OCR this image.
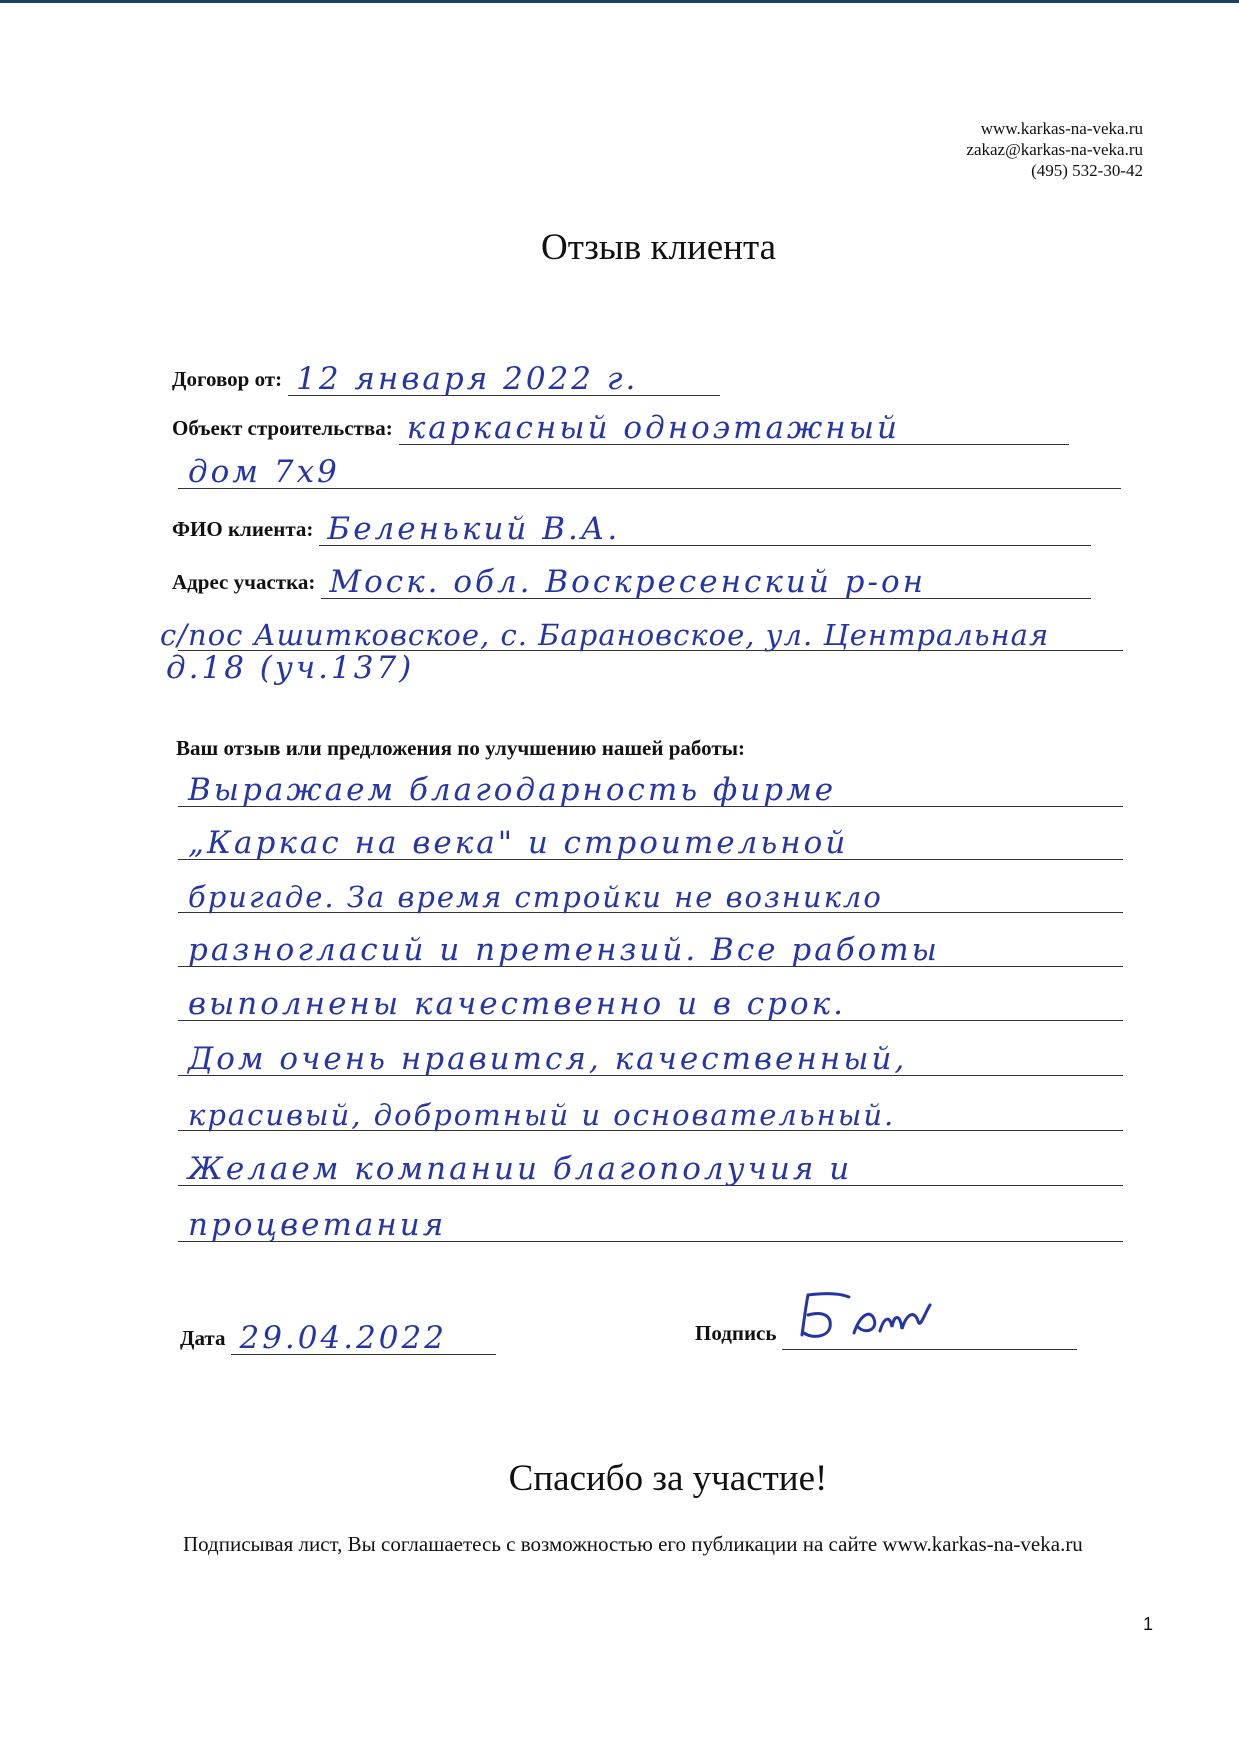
www.karkas-na-veka.ru
zakaz@karkas-na-veka.ru
(495) 532-30-42
Отзыв клиента
Договор от: 12 января 2022 г.
Объект строительства: каркасный одноэтажный
дом 7х9
ФИО клиента: Беленький В.А.
Адрес участка: Моск. обл. Воскресенский р-он
с/пос Ашитковское, с. Барановское, ул. Центральная
д.18 (уч.137)
Ваш отзыв или предложения по улучшению нашей работы:
Выражаем благодарность фирме
„Каркас на века" и строительной
бригаде. За время стройки не возникло
разногласий и претензий. Все работы
выполнены качественно и в срок.
Дом очень нравится, качественный,
красивый, добротный и основательный.
Желаем компании благополучия и
процветания
Дата 29.04.2022	Подпись
Спасибо за участие!
Подписывая лист, Вы соглашаетесь с возможностью его публикации на сайте www.karkas-na-veka.ru
1
